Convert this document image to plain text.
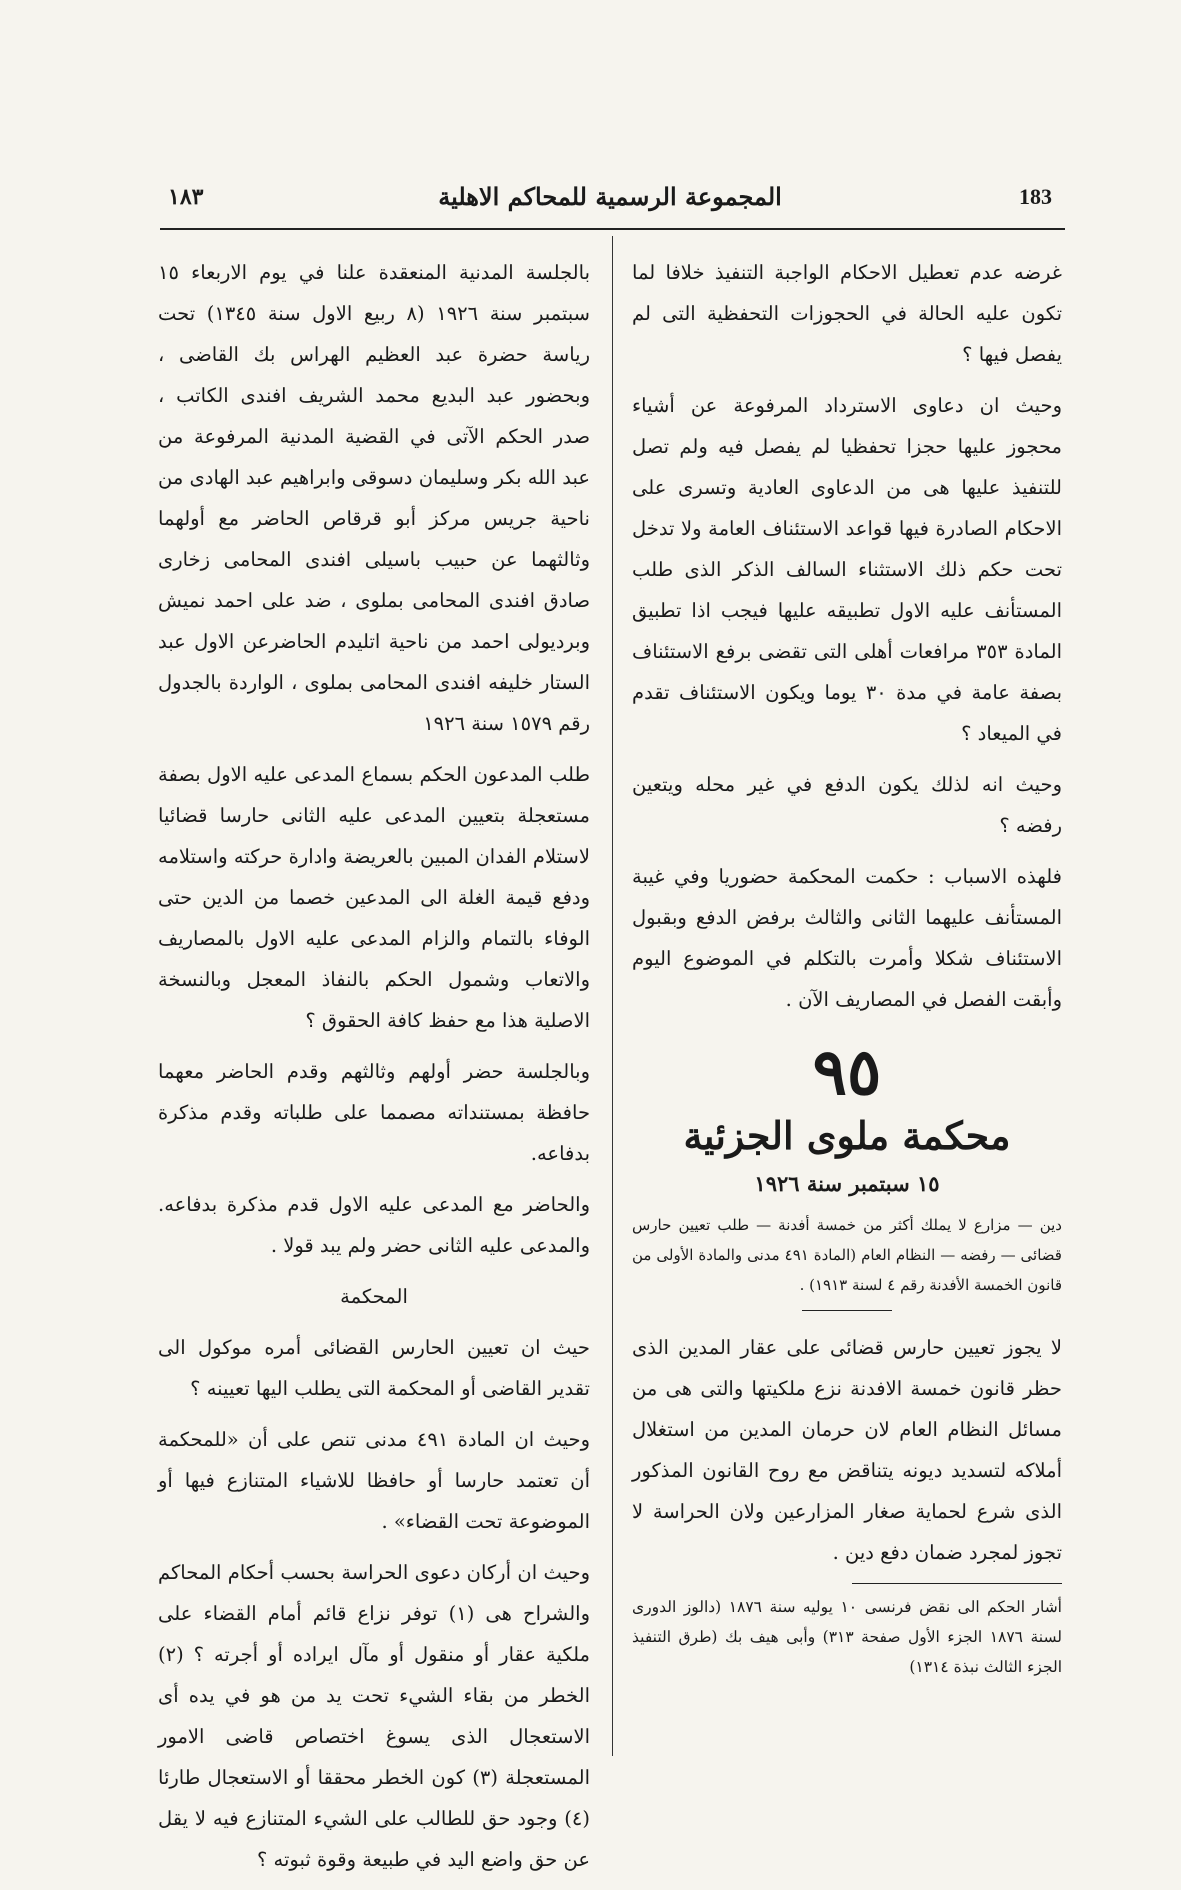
١٨٣	المجموعة الرسمية للمحاكم الاهلية	183

غرضه عدم تعطيل الاحكام الواجبة التنفيذ خلافا لما تكون عليه الحالة في الحجوزات التحفظية التى لم يفصل فيها ؟

وحيث ان دعاوى الاسترداد المرفوعة عن أشياء محجوز عليها حجزا تحفظيا لم يفصل فيه ولم تصل للتنفيذ عليها هى من الدعاوى العادية وتسرى على الاحكام الصادرة فيها قواعد الاستئناف العامة ولا تدخل تحت حكم ذلك الاستثناء السالف الذكر الذى طلب المستأنف عليه الاول تطبيقه عليها فيجب اذا تطبيق المادة ٣٥٣ مرافعات أهلى التى تقضى برفع الاستئناف بصفة عامة في مدة ٣٠ يوما ويكون الاستئناف تقدم في الميعاد ؟

وحيث انه لذلك يكون الدفع في غير محله ويتعين رفضه ؟

فلهذه الاسباب : حكمت المحكمة حضوريا وفي غيبة المستأنف عليهما الثانى والثالث برفض الدفع وبقبول الاستئناف شكلا وأمرت بالتكلم في الموضوع اليوم وأبقت الفصل في المصاريف الآن .

٩٥
محكمة ملوى الجزئية
١٥ سبتمبر سنة ١٩٢٦

دين — مزارع لا يملك أكثر من خمسة أفدنة — طلب تعيين حارس قضائى — رفضه — النظام العام (المادة ٤٩١ مدنى والمادة الأولى من قانون الخمسة الأفدنة رقم ٤ لسنة ١٩١٣) .

لا يجوز تعيين حارس قضائى على عقار المدين الذى حظر قانون خمسة الافدنة نزع ملكيتها والتى هى من مسائل النظام العام لان حرمان المدين من استغلال أملاكه لتسديد ديونه يتناقض مع روح القانون المذكور الذى شرع لحماية صغار المزارعين ولان الحراسة لا تجوز لمجرد ضمان دفع دين .

أشار الحكم الى نقض فرنسى ١٠ يوليه سنة ١٨٧٦ (دالوز الدورى لسنة ١٨٧٦ الجزء الأول صفحة ٣١٣) وأبى هيف بك (طرق التنفيذ الجزء الثالث نبذة ١٣١٤)

بالجلسة المدنية المنعقدة علنا في يوم الاربعاء ١٥ سبتمبر سنة ١٩٢٦ (٨ ربيع الاول سنة ١٣٤٥) تحت رياسة حضرة عبد العظيم الهراس بك القاضى ، وبحضور عبد البديع محمد الشريف افندى الكاتب ، صدر الحكم الآتى في القضية المدنية المرفوعة من عبد الله بكر وسليمان دسوقى وابراهيم عبد الهادى من ناحية جريس مركز أبو قرقاص الحاضر مع أولهما وثالثهما عن حبيب باسيلى افندى المحامى زخارى صادق افندى المحامى بملوى ، ضد على احمد نميش وبرديولى احمد من ناحية اتليدم الحاضرعن الاول عبد الستار خليفه افندى المحامى بملوى ، الواردة بالجدول رقم ١٥٧٩ سنة ١٩٢٦

طلب المدعون الحكم بسماع المدعى عليه الاول بصفة مستعجلة بتعيين المدعى عليه الثانى حارسا قضائيا لاستلام الفدان المبين بالعريضة وادارة حركته واستلامه ودفع قيمة الغلة الى المدعين خصما من الدين حتى الوفاء بالتمام والزام المدعى عليه الاول بالمصاريف والاتعاب وشمول الحكم بالنفاذ المعجل وبالنسخة الاصلية هذا مع حفظ كافة الحقوق ؟

وبالجلسة حضر أولهم وثالثهم وقدم الحاضر معهما حافظة بمستنداته مصمما على طلباته وقدم مذكرة بدفاعه.

والحاضر مع المدعى عليه الاول قدم مذكرة بدفاعه. والمدعى عليه الثانى حضر ولم يبد قولا .

المحكمة

حيث ان تعيين الحارس القضائى أمره موكول الى تقدير القاضى أو المحكمة التى يطلب اليها تعيينه ؟

وحيث ان المادة ٤٩١ مدنى تنص على أن «للمحكمة أن تعتمد حارسا أو حافظا للاشياء المتنازع فيها أو الموضوعة تحت القضاء» .

وحيث ان أركان دعوى الحراسة بحسب أحكام المحاكم والشراح هى (١) توفر نزاع قائم أمام القضاء على ملكية عقار أو منقول أو مآل ايراده أو أجرته ؟ (٢) الخطر من بقاء الشيء تحت يد من هو في يده أى الاستعجال الذى يسوغ اختصاص قاضى الامور المستعجلة (٣) كون الخطر محققا أو الاستعجال طارئا (٤) وجود حق للطالب على الشيء المتنازع فيه لا يقل عن حق واضع اليد في طبيعة وقوة ثبوته ؟
